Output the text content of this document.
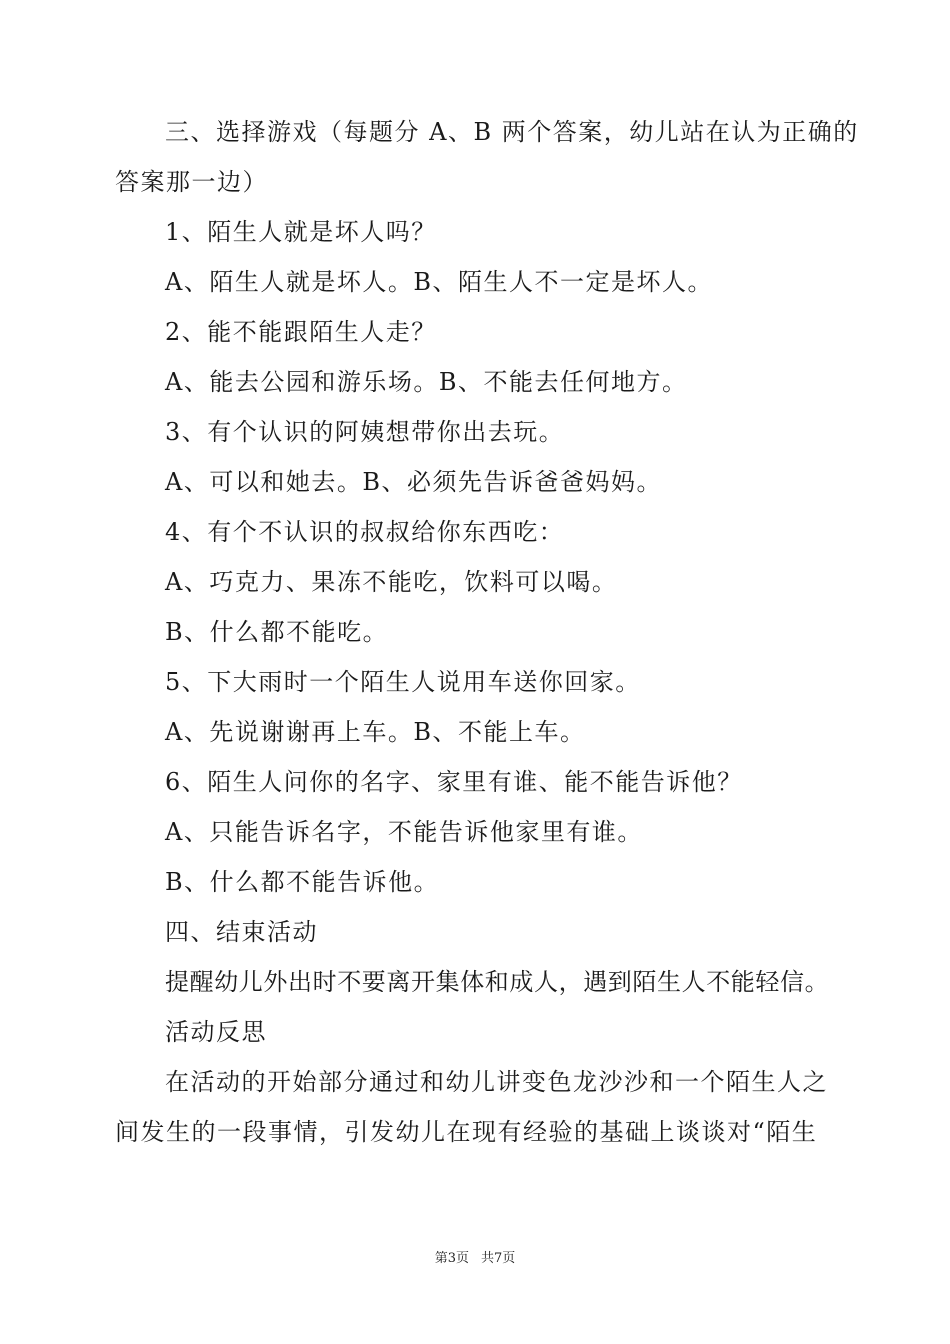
三、选择游戏（每题分 A、B 两个答案，幼儿站在认为正确的
答案那一边）
1、陌生人就是坏人吗？
A、陌生人就是坏人。B、陌生人不一定是坏人。
2、能不能跟陌生人走？
A、能去公园和游乐场。B、不能去任何地方。
3、有个认识的阿姨想带你出去玩。
A、可以和她去。B、必须先告诉爸爸妈妈。
4、有个不认识的叔叔给你东西吃：
A、巧克力、果冻不能吃，饮料可以喝。
B、什么都不能吃。
5、下大雨时一个陌生人说用车送你回家。
A、先说谢谢再上车。B、不能上车。
6、陌生人问你的名字、家里有谁、能不能告诉他？
A、只能告诉名字，不能告诉他家里有谁。
B、什么都不能告诉他。
四、结束活动
提醒幼儿外出时不要离开集体和成人，遇到陌生人不能轻信。
活动反思
在活动的开始部分通过和幼儿讲变色龙沙沙和一个陌生人之
间发生的一段事情，引发幼儿在现有经验的基础上谈谈对“陌生
第3页 共7页
